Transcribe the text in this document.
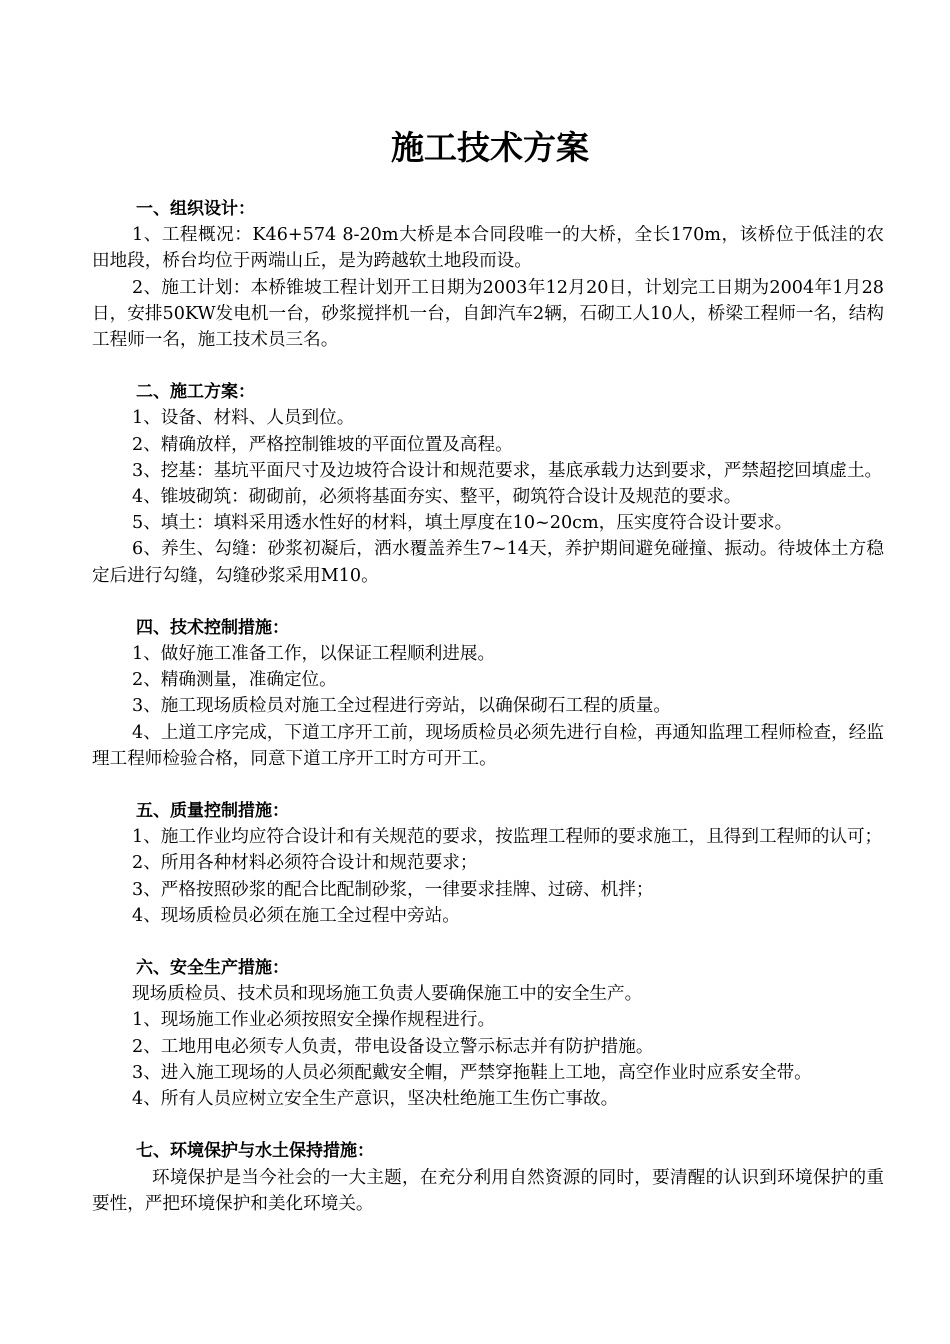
施工技术方案
一、组织设计：
1、工程概况：K46+574 8-20m大桥是本合同段唯一的大桥，全长170m，该桥位于低洼的农田地段，桥台均位于两端山丘，是为跨越软土地段而设。
2、施工计划：本桥锥坡工程计划开工日期为2003年12月20日，计划完工日期为2004年1月28日，安排50KW发电机一台，砂浆搅拌机一台，自卸汽车2辆，石砌工人10人，桥梁工程师一名，结构工程师一名，施工技术员三名。
二、施工方案：
1、设备、材料、人员到位。
2、精确放样，严格控制锥坡的平面位置及高程。
3、挖基：基坑平面尺寸及边坡符合设计和规范要求，基底承载力达到要求，严禁超挖回填虚土。
4、锥坡砌筑：砌砌前，必须将基面夯实、整平，砌筑符合设计及规范的要求。
5、填土：填料采用透水性好的材料，填土厚度在10~20cm，压实度符合设计要求。
6、养生、勾缝：砂浆初凝后，洒水覆盖养生7~14天，养护期间避免碰撞、振动。待坡体土方稳定后进行勾缝，勾缝砂浆采用M10。
四、技术控制措施：
1、做好施工准备工作，以保证工程顺利进展。
2、精确测量，准确定位。
3、施工现场质检员对施工全过程进行旁站，以确保砌石工程的质量。
4、上道工序完成，下道工序开工前，现场质检员必须先进行自检，再通知监理工程师检查，经监理工程师检验合格，同意下道工序开工时方可开工。
五、质量控制措施：
1、施工作业均应符合设计和有关规范的要求，按监理工程师的要求施工，且得到工程师的认可；
2、所用各种材料必须符合设计和规范要求；
3、严格按照砂浆的配合比配制砂浆，一律要求挂牌、过磅、机拌；
4、现场质检员必须在施工全过程中旁站。
六、安全生产措施：
现场质检员、技术员和现场施工负责人要确保施工中的安全生产。
1、现场施工作业必须按照安全操作规程进行。
2、工地用电必须专人负责，带电设备设立警示标志并有防护措施。
3、进入施工现场的人员必须配戴安全帽，严禁穿拖鞋上工地，高空作业时应系安全带。
4、所有人员应树立安全生产意识，坚决杜绝施工生伤亡事故。
七、环境保护与水土保持措施：
环境保护是当今社会的一大主题，在充分利用自然资源的同时，要清醒的认识到环境保护的重要性，严把环境保护和美化环境关。
